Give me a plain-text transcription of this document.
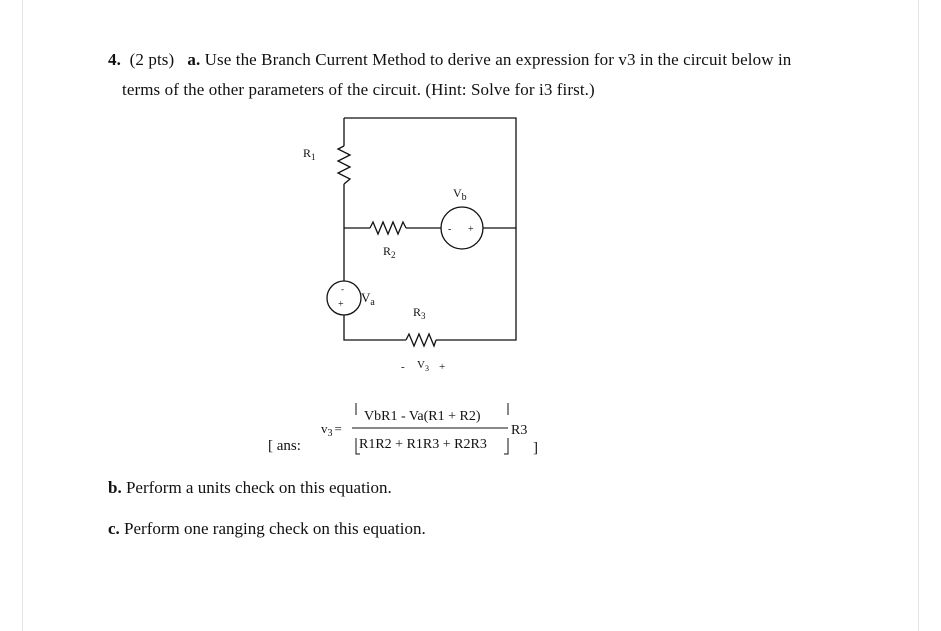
4. (2 pts) a. Use the Branch Current Method to derive an expression for v3 in the circuit below in
terms of the other parameters of the circuit. (Hint: Solve for i3 first.)
$R_1$
$R_2$
$R_3$
$V_b$
$V_a$
- +
-
+
- $V_3$ +
$v_3$ =
VbR1 - Va(R1 + R2)
R1R2 + R1R3 + R2R3
R3
[ ans:	]
b. Perform a units check on this equation.
c. Perform one ranging check on this equation.
